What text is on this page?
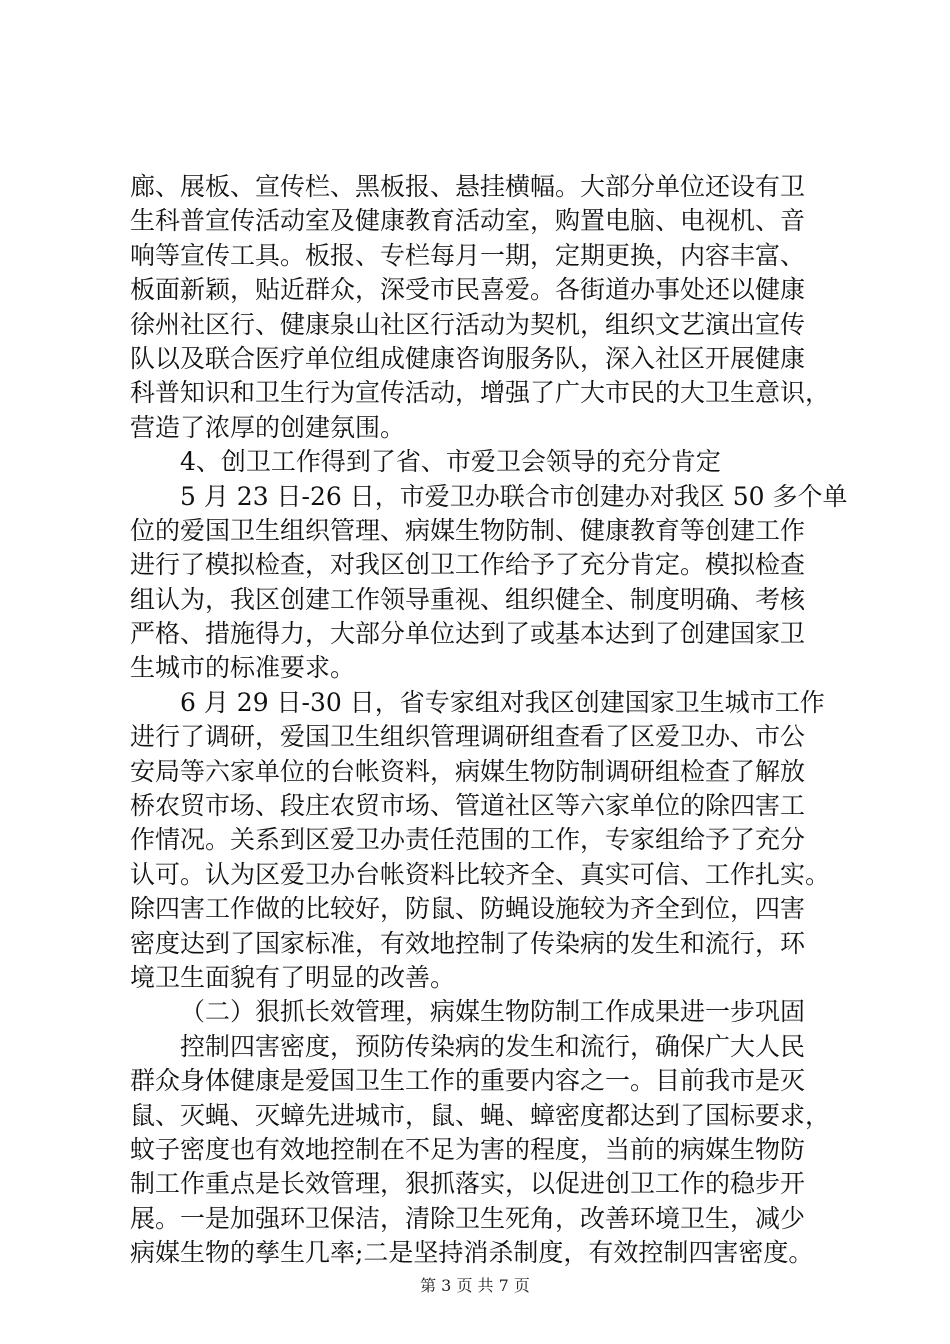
廊、展板、宣传栏、黑板报、悬挂横幅。大部分单位还设有卫
生科普宣传活动室及健康教育活动室，购置电脑、电视机、音
响等宣传工具。板报、专栏每月一期，定期更换，内容丰富、
板面新颖，贴近群众，深受市民喜爱。各街道办事处还以健康
徐州社区行、健康泉山社区行活动为契机，组织文艺演出宣传
队以及联合医疗单位组成健康咨询服务队，深入社区开展健康
科普知识和卫生行为宣传活动，增强了广大市民的大卫生意识，
营造了浓厚的创建氛围。
4、创卫工作得到了省、市爱卫会领导的充分肯定
5 月 23 日-26 日，市爱卫办联合市创建办对我区 50 多个单
位的爱国卫生组织管理、病媒生物防制、健康教育等创建工作
进行了模拟检查，对我区创卫工作给予了充分肯定。模拟检查
组认为，我区创建工作领导重视、组织健全、制度明确、考核
严格、措施得力，大部分单位达到了或基本达到了创建国家卫
生城市的标准要求。
6 月 29 日-30 日，省专家组对我区创建国家卫生城市工作
进行了调研，爱国卫生组织管理调研组查看了区爱卫办、市公
安局等六家单位的台帐资料，病媒生物防制调研组检查了解放
桥农贸市场、段庄农贸市场、管道社区等六家单位的除四害工
作情况。关系到区爱卫办责任范围的工作，专家组给予了充分
认可。认为区爱卫办台帐资料比较齐全、真实可信、工作扎实。
除四害工作做的比较好，防鼠、防蝇设施较为齐全到位，四害
密度达到了国家标准，有效地控制了传染病的发生和流行，环
境卫生面貌有了明显的改善。
（二）狠抓长效管理，病媒生物防制工作成果进一步巩固
控制四害密度，预防传染病的发生和流行，确保广大人民
群众身体健康是爱国卫生工作的重要内容之一。目前我市是灭
鼠、灭蝇、灭蟑先进城市，鼠、蝇、蟑密度都达到了国标要求，
蚊子密度也有效地控制在不足为害的程度，当前的病媒生物防
制工作重点是长效管理，狠抓落实，以促进创卫工作的稳步开
展。一是加强环卫保洁，清除卫生死角，改善环境卫生，减少
病媒生物的孳生几率;二是坚持消杀制度，有效控制四害密度。
第 3 页 共 7 页
